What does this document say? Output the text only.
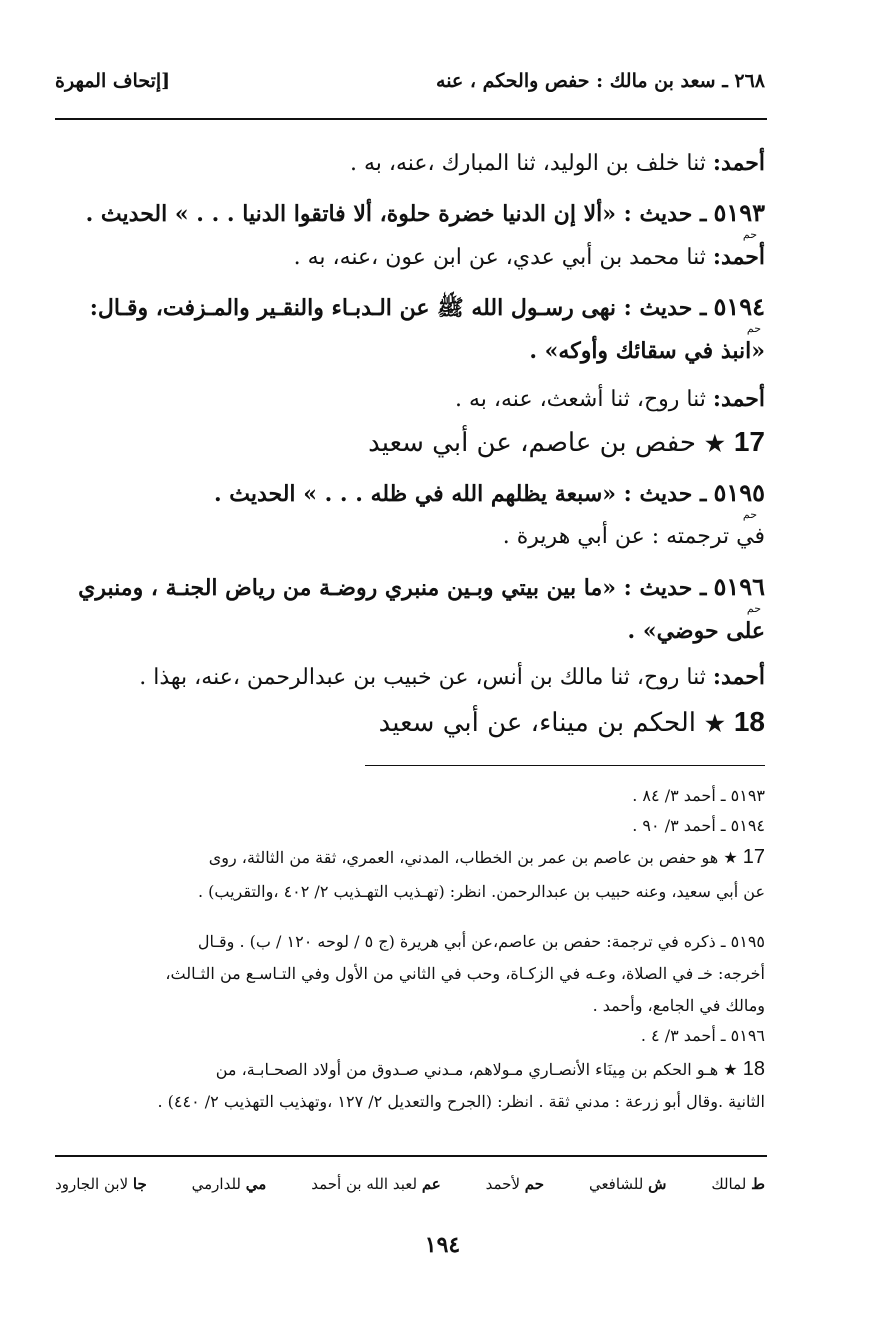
٢٦٨ ـ سعد بن مالك : حفص والحكم ، عنه
[إتحاف المهرة
أحمد: ثنا خلف بن الوليد، ثنا المبارك ،عنه، به .
٥١٩٣ ـ حديث : «ألا إن الدنيا خضرة حلوة، ألا فاتقوا الدنيا . . . » الحديث .
حم
أحمد: ثنا محمد بن أبي عدي، عن ابن عون ،عنه، به .
٥١٩٤ ـ حديث : نهى رسـول الله ﷺ عن الـدبـاء والنقـير والمـزفت، وقـال:
حم
«انبذ في سقائك وأوكه» .
أحمد: ثنا روح، ثنا أشعث، عنه، به .
17 ★ حفص بن عاصم، عن أبي سعيد
٥١٩٥ ـ حديث : «سبعة يظلهم الله في ظله . . . » الحديث .
حم
في ترجمته : عن أبي هريرة .
٥١٩٦ ـ حديث : «ما بين بيتي وبـين منبري روضـة من رياض الجنـة ، ومنبري
حم
على حوضي» .
أحمد: ثنا روح، ثنا مالك بن أنس، عن خبيب بن عبدالرحمن ،عنه، بهذا .
18 ★ الحكم بن ميناء، عن أبي سعيد
٥١٩٣ ـ أحمد ٣/ ٨٤ .
٥١٩٤ ـ أحمد ٣/ ٩٠ .
17 ★ هو حفص بن عاصم بن عمر بن الخطاب، المدني، العمري، ثقة من الثالثة، روى
عن أبي سعيد، وعنه حبيب بن عبدالرحمن. انظر: (تهـذيب التهـذيب ٢/ ٤٠٢ ،والتقريب) .
٥١٩٥ ـ ذكره في ترجمة: حفص بن عاصم،عن أبي هريرة (ج ٥ / لوحه ١٢٠ / ب) . وقـال
أخرجه: خـ في الصلاة، وعـه في الزكـاة، وحب في الثاني من الأول وفي التـاسـع من الثـالث،
ومالك في الجامع، وأحمد .
٥١٩٦ ـ أحمد ٣/ ٤ .
18 ★ هـو الحكم بن مِينَاء الأنصـاري مـولاهم، مـدني صـدوق من أولاد الصحـابـة، من
الثانية .وقال أبو زرعة : مدني ثقة . انظر: (الجرح والتعديل ٢/ ١٢٧ ،وتهذيب التهذيب ٢/ ٤٤٠) .
ط لمالك
ش للشافعي
حم لأحمد
عم لعبد الله بن أحمد
مي للدارمي
جا لابن الجارود
١٩٤
